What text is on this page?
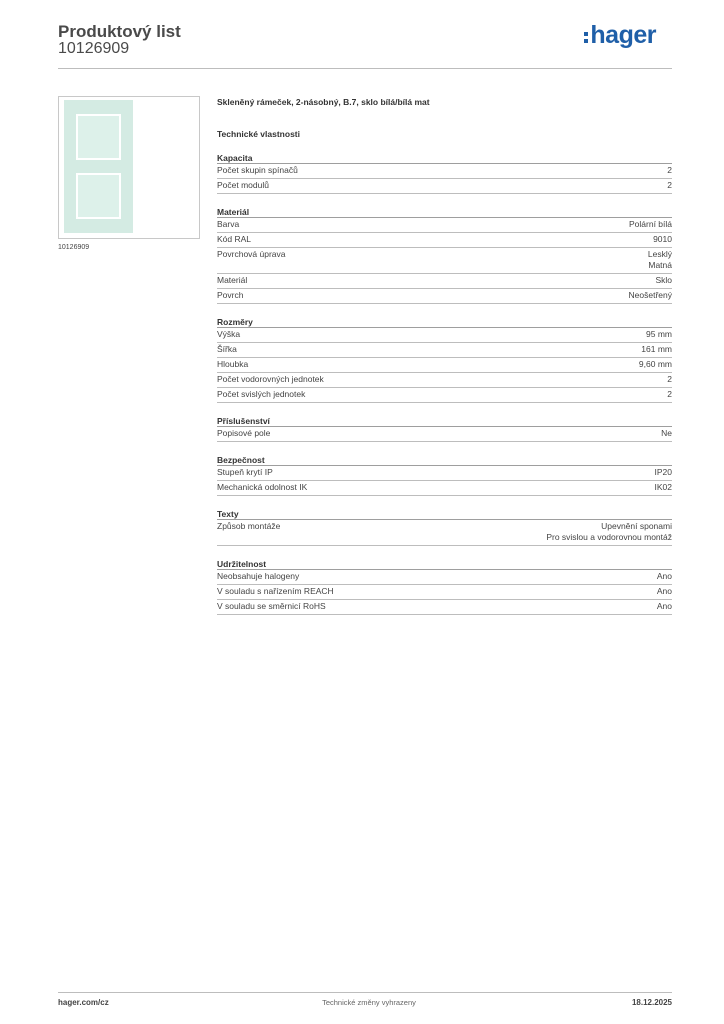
Produktový list
10126909	hager
10126909
Skleněný rámeček, 2-násobný, B.7, sklo bílá/bílá mat
Technické vlastnosti
Kapacita
Počet skupin spínačů	2
Počet modulů	2
Materiál
Barva	Polární bílá
Kód RAL	9010
Povrchová úprava	Lesklý
Matná
Materiál	Sklo
Povrch	Neošetřený
Rozměry
Výška	95 mm
Šířka	161 mm
Hloubka	9,60 mm
Počet vodorovných jednotek	2
Počet svislých jednotek	2
Příslušenství
Popisové pole	Ne
Bezpečnost
Stupeň krytí IP	IP20
Mechanická odolnost IK	IK02
Texty
Způsob montáže	Upevnění sponami
Pro svislou a vodorovnou montáž
Udržitelnost
Neobsahuje halogeny	Ano
V souladu s nařízením REACH	Ano
V souladu se směrnicí RoHS	Ano
hager.com/cz	Technické změny vyhrazeny	18.12.2025
